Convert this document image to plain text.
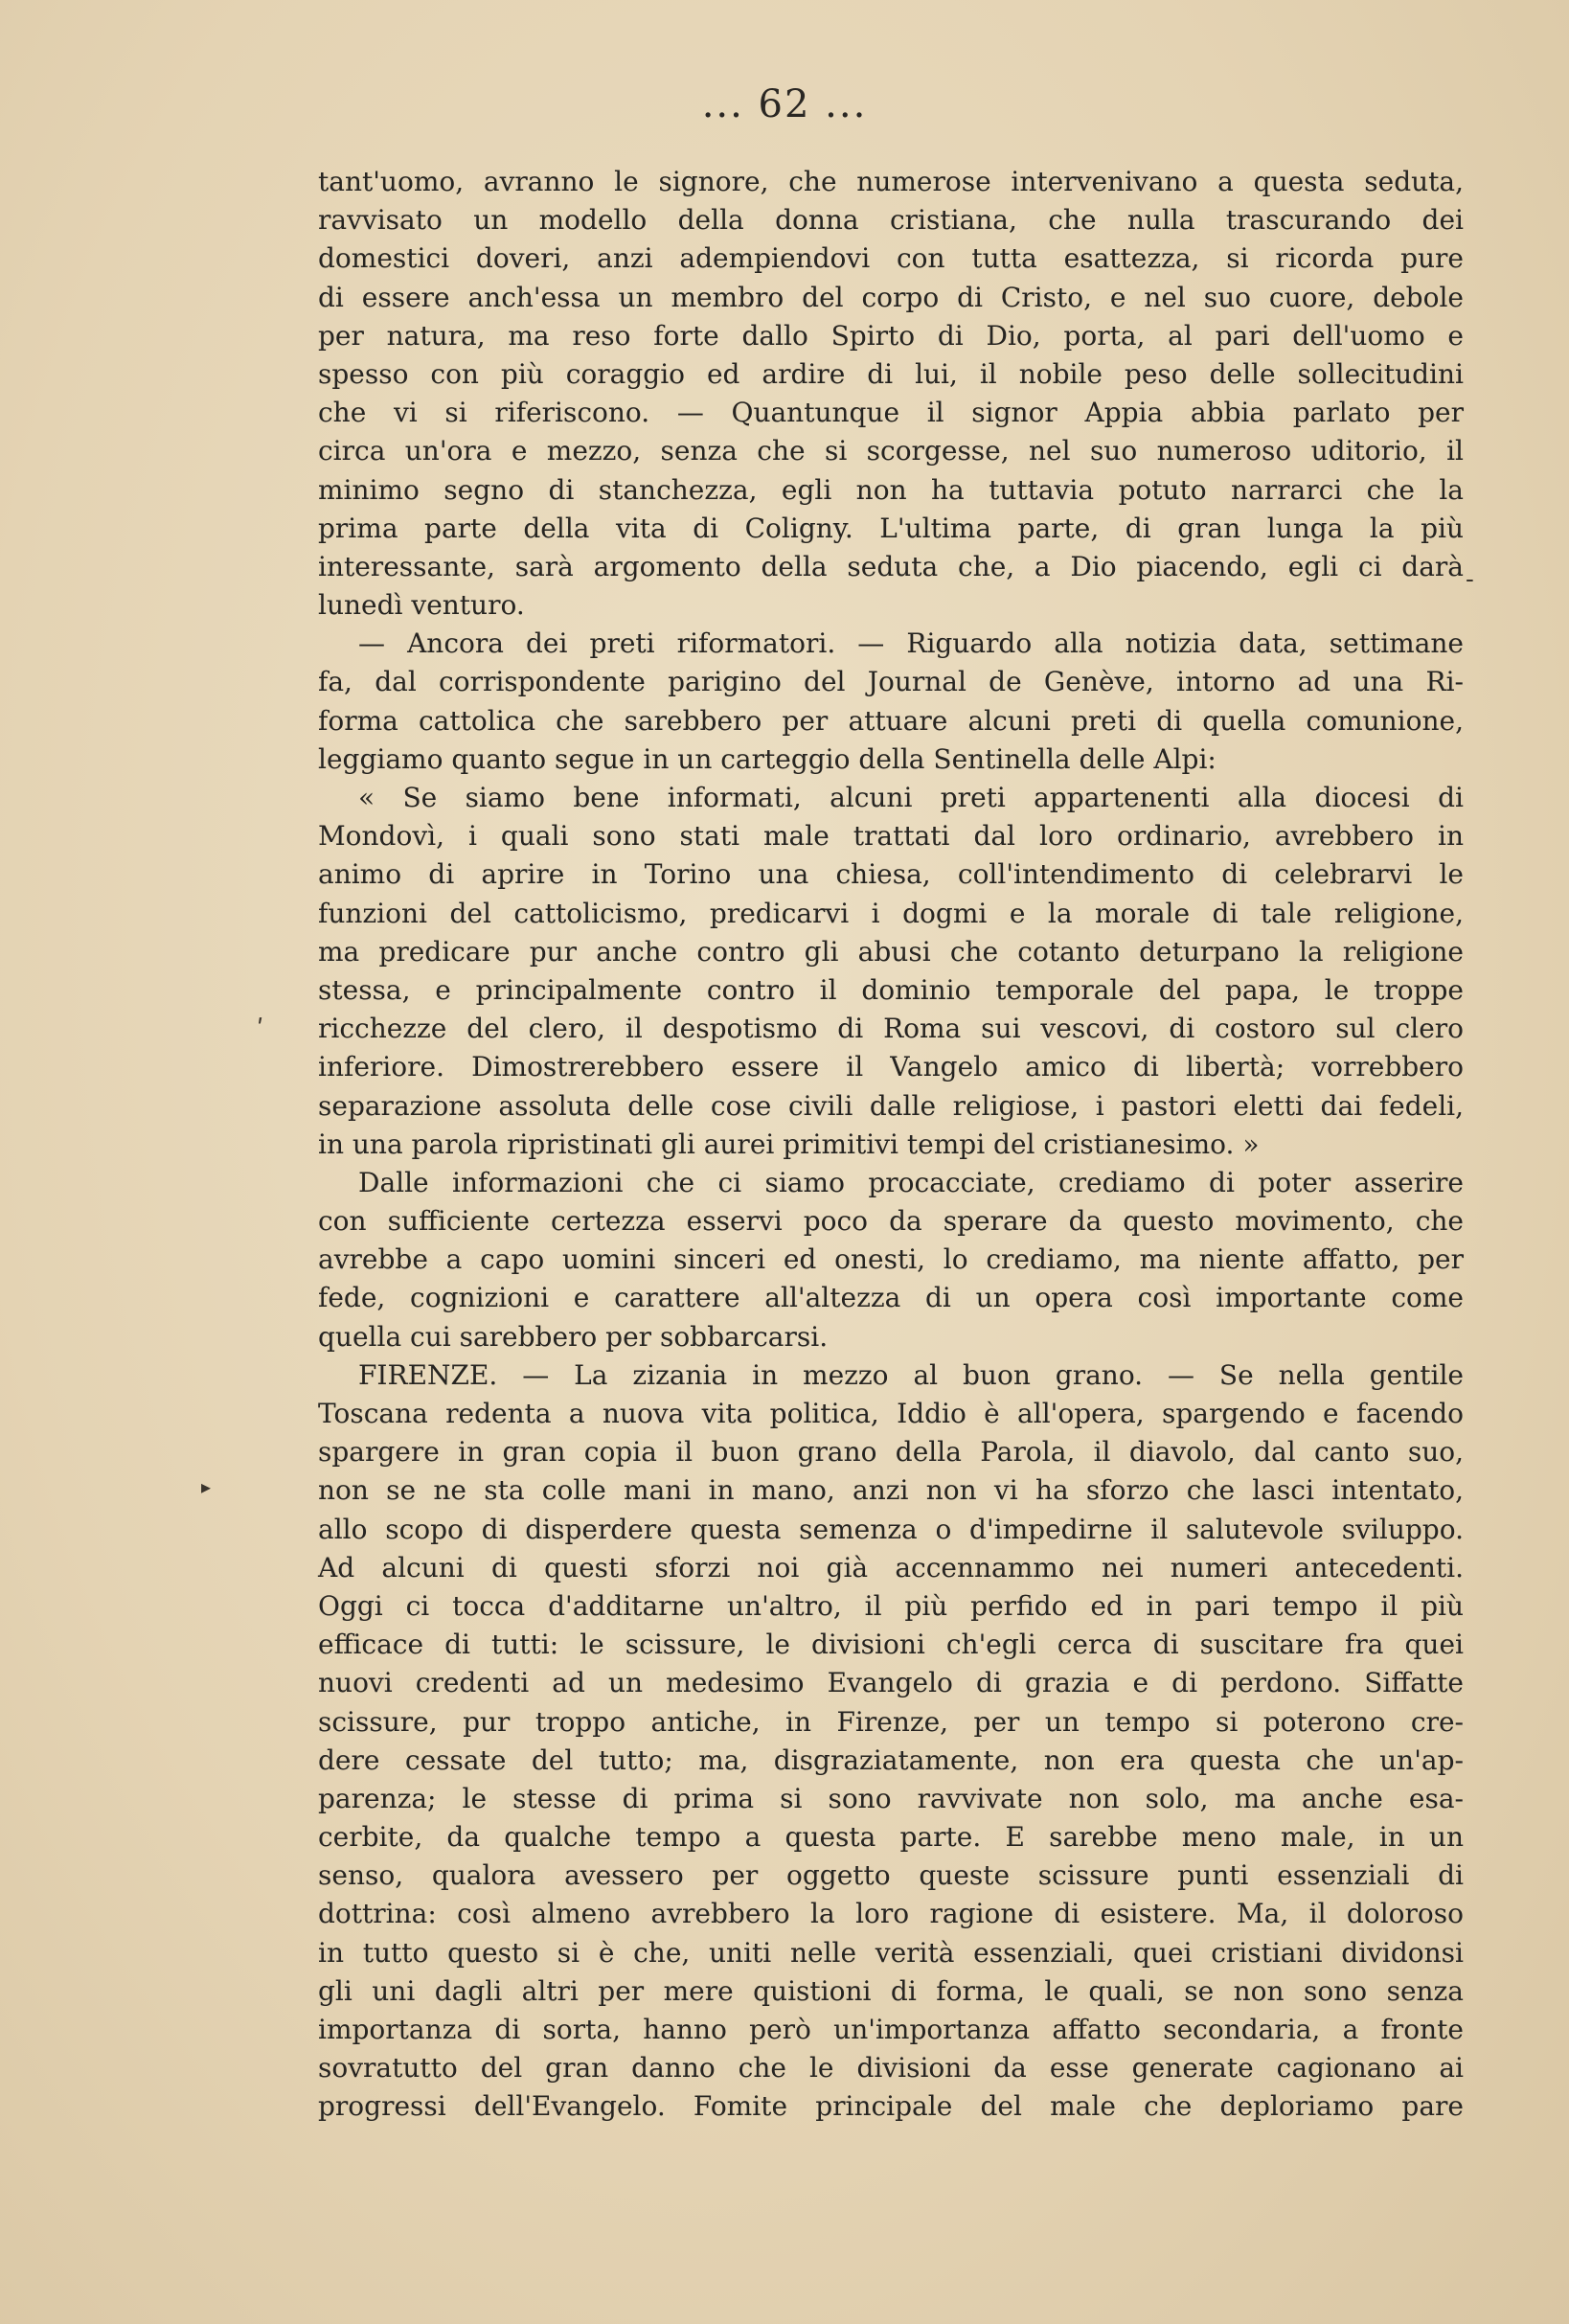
... 62 ...
tant'uomo, avranno le signore, che numerose intervenivano a questa seduta,
ravvisato un modello della donna cristiana, che nulla trascurando dei
domestici doveri, anzi adempiendovi con tutta esattezza, si ricorda pure
di essere anch'essa un membro del corpo di Cristo, e nel suo cuore, debole
per natura, ma reso forte dallo Spirto di Dio, porta, al pari dell'uomo e
spesso con più coraggio ed ardire di lui, il nobile peso delle sollecitudini
che vi si riferiscono. — Quantunque il signor Appia abbia parlato per
circa un'ora e mezzo, senza che si scorgesse, nel suo numeroso uditorio, il
minimo segno di stanchezza, egli non ha tuttavia potuto narrarci che la
prima parte della vita di Coligny. L'ultima parte, di gran lunga la più
interessante, sarà argomento della seduta che, a Dio piacendo, egli ci darà
lunedì venturo.
— Ancora dei preti riformatori. — Riguardo alla notizia data, settimane
fa, dal corrispondente parigino del Journal de Genève, intorno ad una Ri-
forma cattolica che sarebbero per attuare alcuni preti di quella comunione,
leggiamo quanto segue in un carteggio della Sentinella delle Alpi:
« Se siamo bene informati, alcuni preti appartenenti alla diocesi di
Mondovì, i quali sono stati male trattati dal loro ordinario, avrebbero in
animo di aprire in Torino una chiesa, coll'intendimento di celebrarvi le
funzioni del cattolicismo, predicarvi i dogmi e la morale di tale religione,
ma predicare pur anche contro gli abusi che cotanto deturpano la religione
stessa, e principalmente contro il dominio temporale del papa, le troppe
ricchezze del clero, il despotismo di Roma sui vescovi, di costoro sul clero
inferiore. Dimostrerebbero essere il Vangelo amico di libertà; vorrebbero
separazione assoluta delle cose civili dalle religiose, i pastori eletti dai fedeli,
in una parola ripristinati gli aurei primitivi tempi del cristianesimo. »
Dalle informazioni che ci siamo procacciate, crediamo di poter asserire
con sufficiente certezza esservi poco da sperare da questo movimento, che
avrebbe a capo uomini sinceri ed onesti, lo crediamo, ma niente affatto, per
fede, cognizioni e carattere all'altezza di un opera così importante come
quella cui sarebbero per sobbarcarsi.
FIRENZE. — La zizania in mezzo al buon grano. — Se nella gentile
Toscana redenta a nuova vita politica, Iddio è all'opera, spargendo e facendo
spargere in gran copia il buon grano della Parola, il diavolo, dal canto suo,
non se ne sta colle mani in mano, anzi non vi ha sforzo che lasci intentato,
allo scopo di disperdere questa semenza o d'impedirne il salutevole sviluppo.
Ad alcuni di questi sforzi noi già accennammo nei numeri antecedenti.
Oggi ci tocca d'additarne un'altro, il più perfido ed in pari tempo il più
efficace di tutti: le scissure, le divisioni ch'egli cerca di suscitare fra quei
nuovi credenti ad un medesimo Evangelo di grazia e di perdono. Siffatte
scissure, pur troppo antiche, in Firenze, per un tempo si poterono cre-
dere cessate del tutto; ma, disgraziatamente, non era questa che un'ap-
parenza; le stesse di prima si sono ravvivate non solo, ma anche esa-
cerbite, da qualche tempo a questa parte. E sarebbe meno male, in un
senso, qualora avessero per oggetto queste scissure punti essenziali di
dottrina: così almeno avrebbero la loro ragione di esistere. Ma, il doloroso
in tutto questo si è che, uniti nelle verità essenziali, quei cristiani dividonsi
gli uni dagli altri per mere quistioni di forma, le quali, se non sono senza
importanza di sorta, hanno però un'importanza affatto secondaria, a fronte
sovratutto del gran danno che le divisioni da esse generate cagionano ai
progressi dell'Evangelo. Fomite principale del male che deploriamo pare
ʹ
▸
-
